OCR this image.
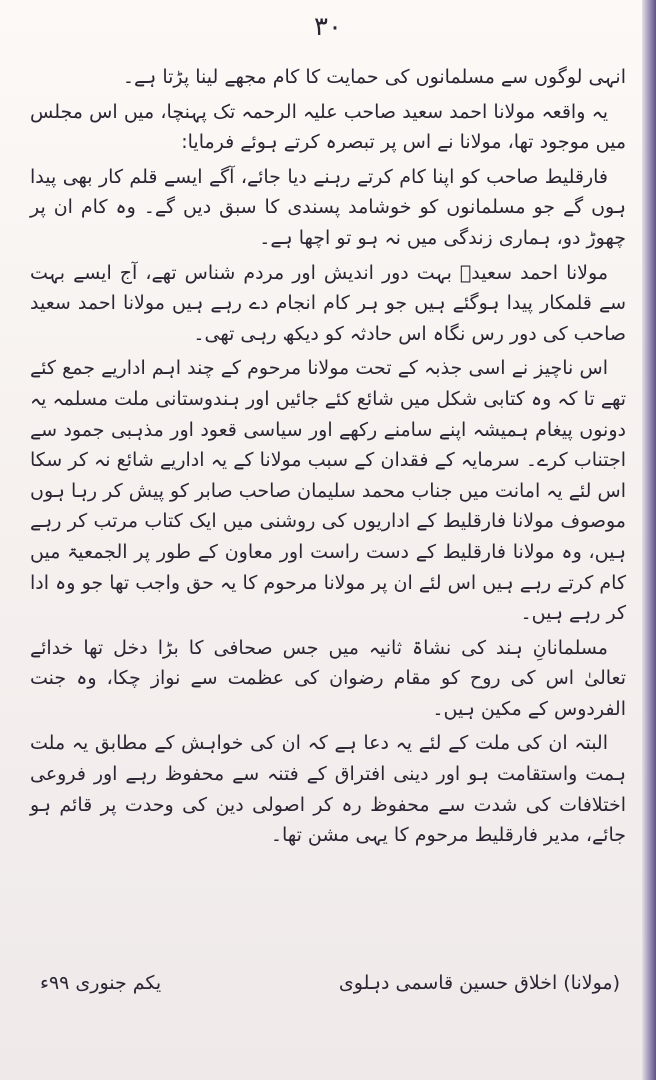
۳۰

انہی لوگوں سے مسلمانوں کی حمایت کا کام مجھے لینا پڑتا ہے۔

یہ واقعہ مولانا احمد سعید صاحب علیہ الرحمہ تک پہنچا، میں اس مجلس میں موجود تھا، مولانا نے اس پر تبصرہ کرتے ہوئے فرمایا:

فارقلیط صاحب کو اپنا کام کرتے رہنے دیا جائے، آگے ایسے قلم کار بھی پیدا ہوں گے جو مسلمانوں کو خوشامد پسندی کا سبق دیں گے۔ وہ کام ان پر چھوڑ دو، ہماری زندگی میں نہ ہو تو اچھا ہے۔

مولانا احمد سعیدؒ بہت دور اندیش اور مردم شناس تھے، آج ایسے بہت سے قلمکار پیدا ہوگئے ہیں جو ہر کام انجام دے رہے ہیں مولانا احمد سعید صاحب کی دور رس نگاہ اس حادثہ کو دیکھ رہی تھی۔

اس ناچیز نے اسی جذبہ کے تحت مولانا مرحوم کے چند اہم اداریے جمع کئے تھے تا کہ وہ کتابی شکل میں شائع کئے جائیں اور ہندوستانی ملت مسلمہ یہ دونوں پیغام ہمیشہ اپنے سامنے رکھے اور سیاسی قعود اور مذہبی جمود سے اجتناب کرے۔ سرمایہ کے فقدان کے سبب مولانا کے یہ اداریے شائع نہ کر سکا اس لئے یہ امانت میں جناب محمد سلیمان صاحب صابر کو پیش کر رہا ہوں موصوف مولانا فارقلیط کے اداریوں کی روشنی میں ایک کتاب مرتب کر رہے ہیں، وہ مولانا فارقلیط کے دست راست اور معاون کے طور پر الجمعیۃ میں کام کرتے رہے ہیں اس لئے ان پر مولانا مرحوم کا یہ حق واجب تھا جو وہ ادا کر رہے ہیں۔

مسلمانانِ ہند کی نشاۃ ثانیہ میں جس صحافی کا بڑا دخل تھا خدائے تعالیٰ اس کی روح کو مقام رضوان کی عظمت سے نواز چکا، وہ جنت الفردوس کے مکین ہیں۔

البتہ ان کی ملت کے لئے یہ دعا ہے کہ ان کی خواہش کے مطابق یہ ملت ہمت واستقامت ہو اور دینی افتراق کے فتنہ سے محفوظ رہے اور فروعی اختلافات کی شدت سے محفوظ رہ کر اصولی دین کی وحدت پر قائم ہو جائے، مدیر فارقلیط مرحوم کا یہی مشن تھا۔

(مولانا) اخلاق حسین قاسمی دہلوی
یکم جنوری ۹۹ء
